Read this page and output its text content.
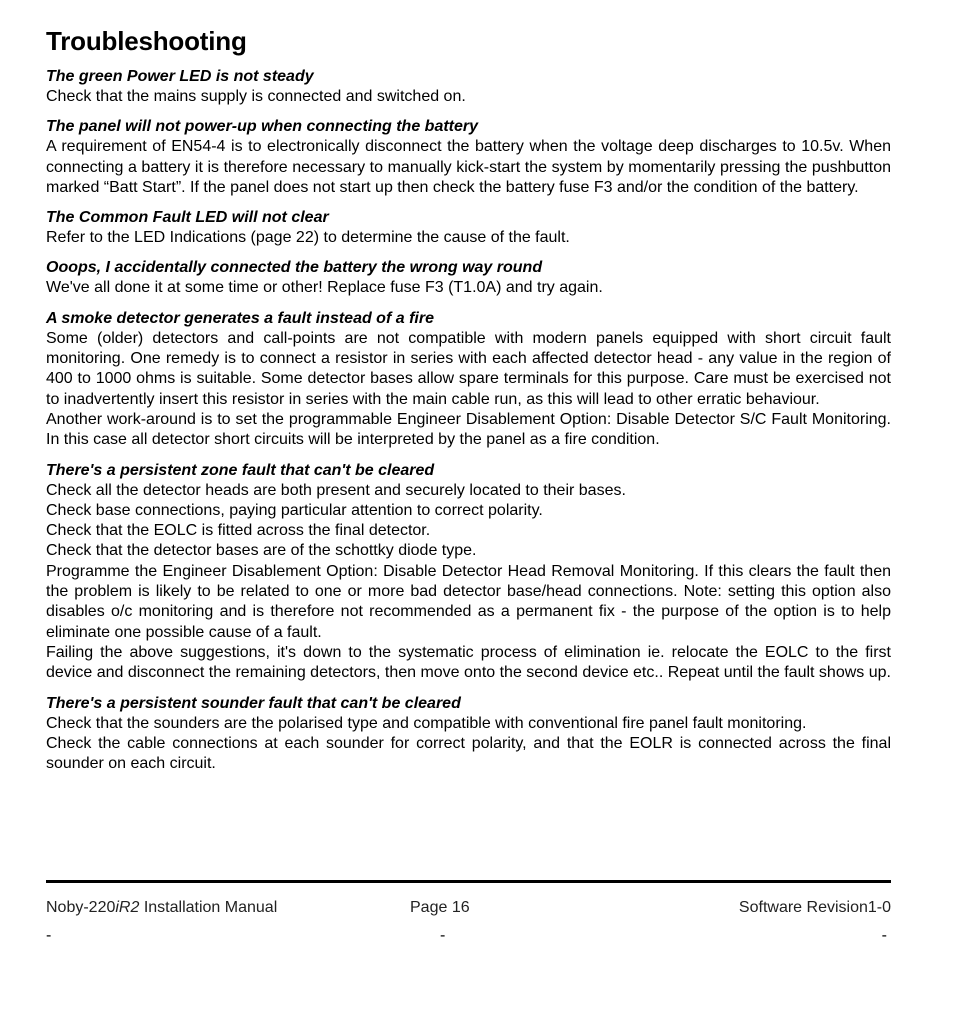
Troubleshooting
The green Power LED is not steady
Check that the mains supply is connected and switched on.
The panel will not power-up when connecting the battery
A requirement of EN54-4 is to electronically disconnect the battery when the voltage deep discharges to 10.5v. When connecting a battery it is therefore necessary to manually kick-start the system by momentarily pressing the pushbutton marked “Batt Start”. If the panel does not start up then check the battery fuse F3 and/or the condition of the battery.
The Common Fault LED will not clear
Refer to the LED Indications (page 22) to determine the cause of the fault.
Ooops, I accidentally connected the battery the wrong way round
We've all done it at some time or other! Replace fuse F3 (T1.0A) and try again.
A smoke detector generates a fault instead of a fire
Some (older) detectors and call-points are not compatible with modern panels equipped with short circuit fault monitoring. One remedy is to connect a resistor in series with each affected detector head - any value in the region of 400 to 1000 ohms is suitable. Some detector bases allow spare terminals for this purpose. Care must be exercised not to inadvertently insert this resistor in series with the main cable run, as this will lead to other erratic behaviour.
Another work-around is to set the programmable Engineer Disablement Option: Disable Detector S/C Fault Monitoring. In this case all detector short circuits will be interpreted by the panel as a fire condition.
There's a persistent zone fault that can't be cleared
Check all the detector heads are both present and securely located to their bases.
Check base connections, paying particular attention to correct polarity.
Check that the EOLC is fitted across the final detector.
Check that the detector bases are of the schottky diode type.
Programme the Engineer Disablement Option: Disable Detector Head Removal Monitoring. If this clears the fault then the problem is likely to be related to one or more bad detector base/head connections. Note: setting this option also disables o/c monitoring and is therefore not recommended as a permanent fix - the purpose of the option is to help eliminate one possible cause of a fault.
Failing the above suggestions, it's down to the systematic process of elimination ie. relocate the EOLC to the first device and disconnect the remaining detectors, then move onto the second device etc.. Repeat until the fault shows up.
There's a persistent sounder fault that can't be cleared
Check that the sounders are the polarised type and compatible with conventional fire panel fault monitoring.
Check the cable connections at each sounder for correct polarity, and that the EOLR is connected across the final sounder on each circuit.
Noby-220iR2 Installation Manual	Page 16	Software Revision1-0
-	-	-
